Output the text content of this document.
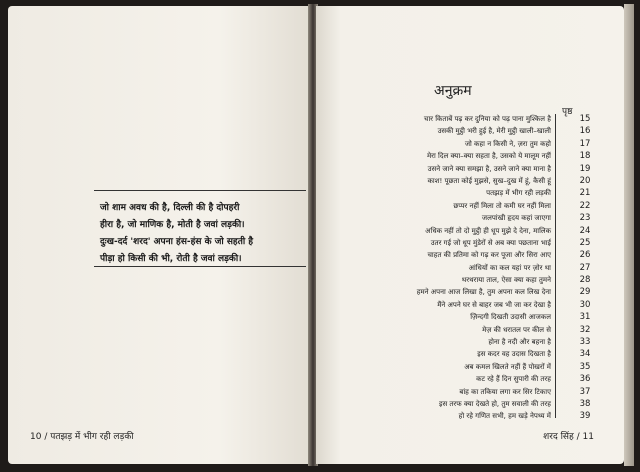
जो शाम अवध की है, दिल्ली की है दोपहरी
हीरा है, जो माणिक है, मोती है जवां लड़की।
दुःख-दर्द 'शरद' अपना हंस-हंस के जो सहती है
पीड़ा हो किसी की भी, रोती है जवां लड़की।
10 / पतझड़ में भीग रही लड़की
अनुक्रम
पृष्ठ
चार किताबें पढ़ कर दुनिया को पढ़ पाना मुश्किल है	15
उसकी मुट्ठी भरी हुई है, मेरी मुट्ठी खाली–खाली	16
जो कहा न किसी ने, ज़रा तुम कहो	17
मेरा दिल क्या–क्या सहता है, उसको ये मालूम नहीं	18
उसने जाने क्या समझा है, उसने जाने क्या माना है	19
काश! पूछता कोई मुझसे, सुख–दुख में हूं, कैसी हूं	20
पतझड़ में भीग रही लड़की	21
छप्पर नहीं मिला तो कमी घर नहीं मिला	22
जलपांखी हृदय कहां जाएगा	23
अधिक नहीं तो दो मुट्ठी ही धूप मुझे दे देना, मालिक	24
उतर गई जो धूप मुंडेरों से अब क्या पछताना भाई	25
चाहत की प्रतिमा को गढ़ कर पूजा और सिरा आए	26
आंधियों का कल यहां पर ज़ोर था	27
थरथराया ताल, ऐसा क्या कहा तुमने	28
हमने अपना आज लिखा है, तुम अपना कल लिख देना	29
मैंने अपने घर से बाहर जब भी जा कर देखा है	30
ज़िन्दगी दिखती उदासी आजकल	31
मेज़ की धरातल पर कील से	32
होना है नदी और बहना है	33
इस कदर वह उदास दिखता है	34
अब कमल खिलते नहीं हैं पोखरों में	35
कट रहे हैं दिन सुपारी की तरह	36
बांह का तकिया लगा कर सिर टिकाए	37
इस तरफ क्या देखते हो, तुम सवाली की तरह	38
हो रहे गणित सभी, हम खड़े नेपथ्य में	39
शरद सिंह / 11
